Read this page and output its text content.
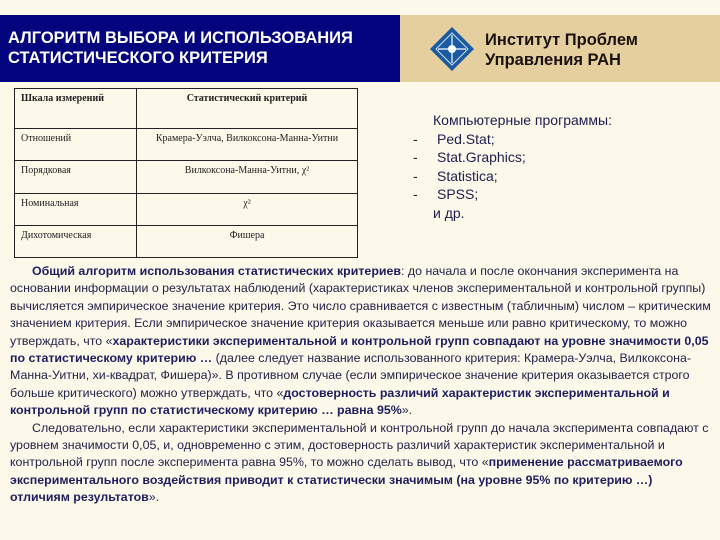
АЛГОРИТМ ВЫБОРА И ИСПОЛЬЗОВАНИЯ
СТАТИСТИЧЕСКОГО КРИТЕРИЯ
Институт Проблем
Управления РАН
Шкала измерений	Статистический критерий
Отношений	Крамера-Уэлча, Вилкоксона-Манна-Уитни
Порядковая	Вилкоксона-Манна-Уитни, χ²
Номинальная	χ²
Дихотомическая	Фишера
Компьютерные программы:
-	Ped.Stat;
-	Stat.Graphics;
-	Statistica;
-	SPSS;
и др.

Общий алгоритм использования статистических критериев: до начала и после окончания эксперимента на основании информации о результатах наблюдений (характеристиках членов экспериментальной и контрольной группы) вычисляется эмпирическое значение критерия. Это число сравнивается с известным (табличным) числом – критическим значением критерия. Если эмпирическое значение критерия оказывается меньше или равно критическому, то можно утверждать, что «характеристики экспериментальной и контрольной групп совпадают на уровне значимости 0,05 по статистическому критерию … (далее следует название использованного критерия: Крамера-Уэлча, Вилкоксона-Манна-Уитни, хи-квадрат, Фишера)». В противном случае (если эмпирическое значение критерия оказывается строго больше критического) можно утверждать, что «достоверность различий характеристик экспериментальной и контрольной групп по статистическому критерию … равна 95%».

Следовательно, если характеристики экспериментальной и контрольной групп до начала эксперимента совпадают с уровнем значимости 0,05, и, одновременно с этим, достоверность различий характеристик экспериментальной и контрольной групп после эксперимента равна 95%, то можно сделать вывод, что «применение рассматриваемого экспериментального воздействия приводит к статистически значимым (на уровне 95% по критерию …) отличиям результатов».
